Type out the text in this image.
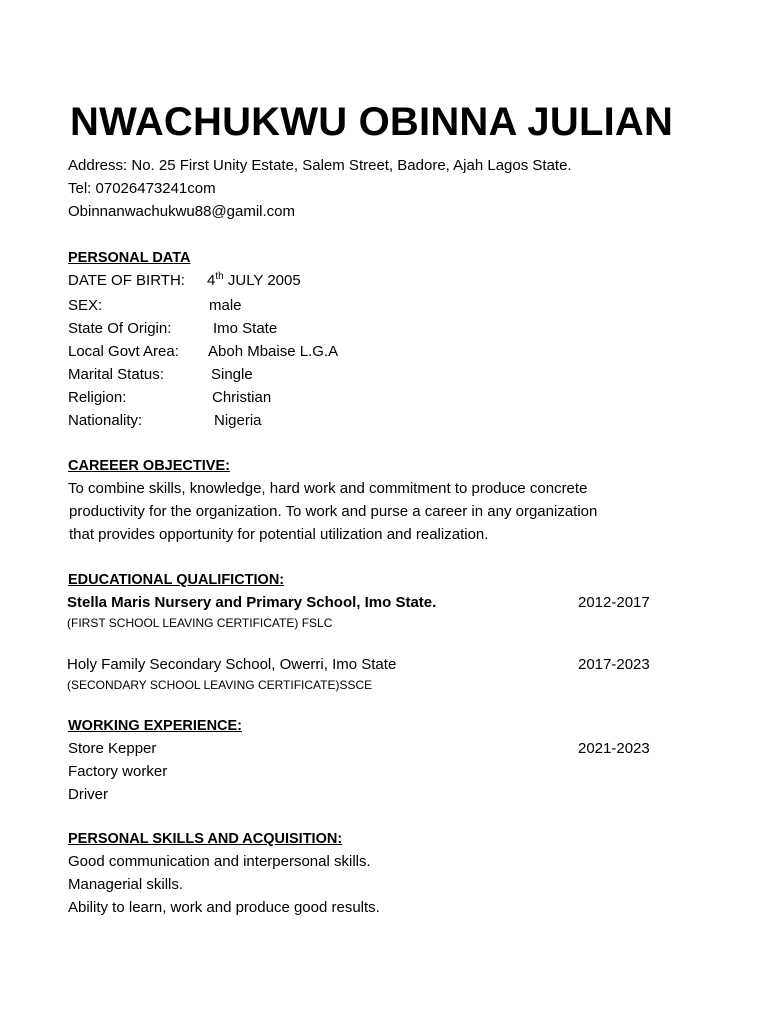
NWACHUKWU OBINNA JULIAN
Address: No. 25 First Unity Estate, Salem Street, Badore, Ajah Lagos State.
Tel: 07026473241com
Obinnanwachukwu88@gamil.com
PERSONAL DATA
DATE OF BIRTH: 4th JULY 2005
SEX:	male
State Of Origin:	Imo State
Local Govt Area: Aboh Mbaise L.G.A
Marital Status:	Single
Religion:	Christian
Nationality:	Nigeria
CAREEER OBJECTIVE:
To combine skills, knowledge, hard work and commitment to produce concrete
productivity for the organization. To work and purse a career in any organization
that provides opportunity for potential utilization and realization.
EDUCATIONAL QUALIFICTION:
Stella Maris Nursery and Primary School, Imo State.	2012-2017
(FIRST SCHOOL LEAVING CERTIFICATE) FSLC
Holy Family Secondary School, Owerri, Imo State	2017-2023
(SECONDARY SCHOOL LEAVING CERTIFICATE)SSCE
WORKING EXPERIENCE:
Store Kepper	2021-2023
Factory worker
Driver
PERSONAL SKILLS AND ACQUISITION:
Good communication and interpersonal skills.
Managerial skills.
Ability to learn, work and produce good results.
